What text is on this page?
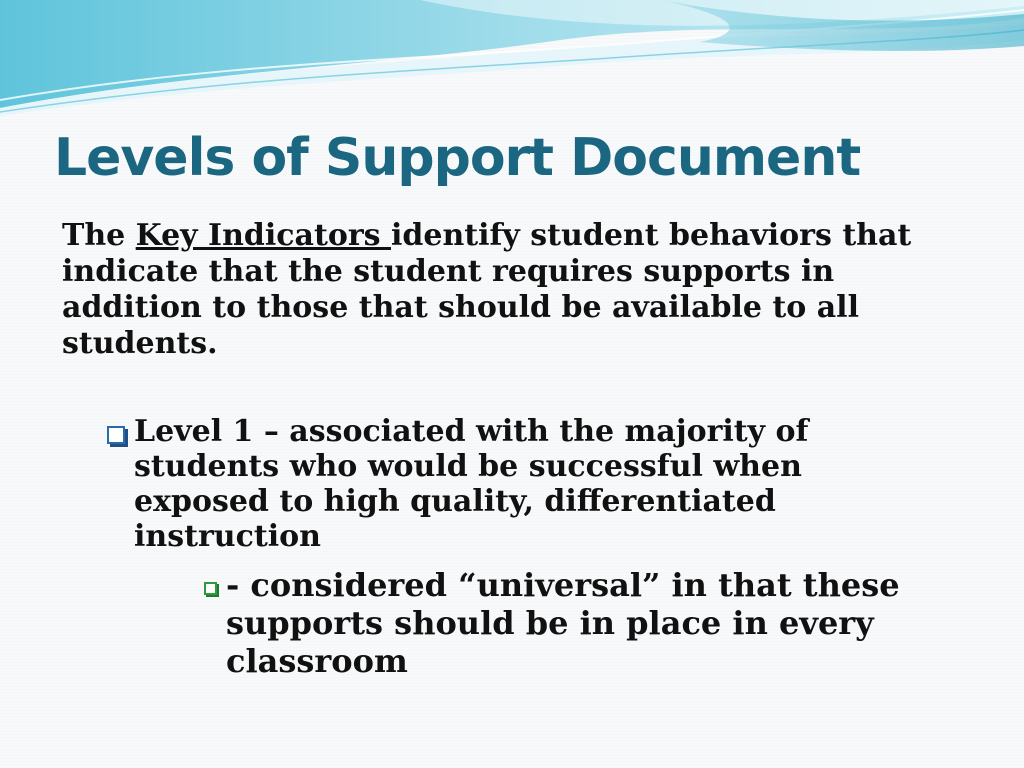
Levels of Support Document

The Key Indicators identify student behaviors that indicate that the student requires supports in addition to those that should be available to all students.

Level 1 – associated with the majority of students who would be successful when exposed to high quality, differentiated instruction
- considered “universal” in that these supports should be in place in every classroom
